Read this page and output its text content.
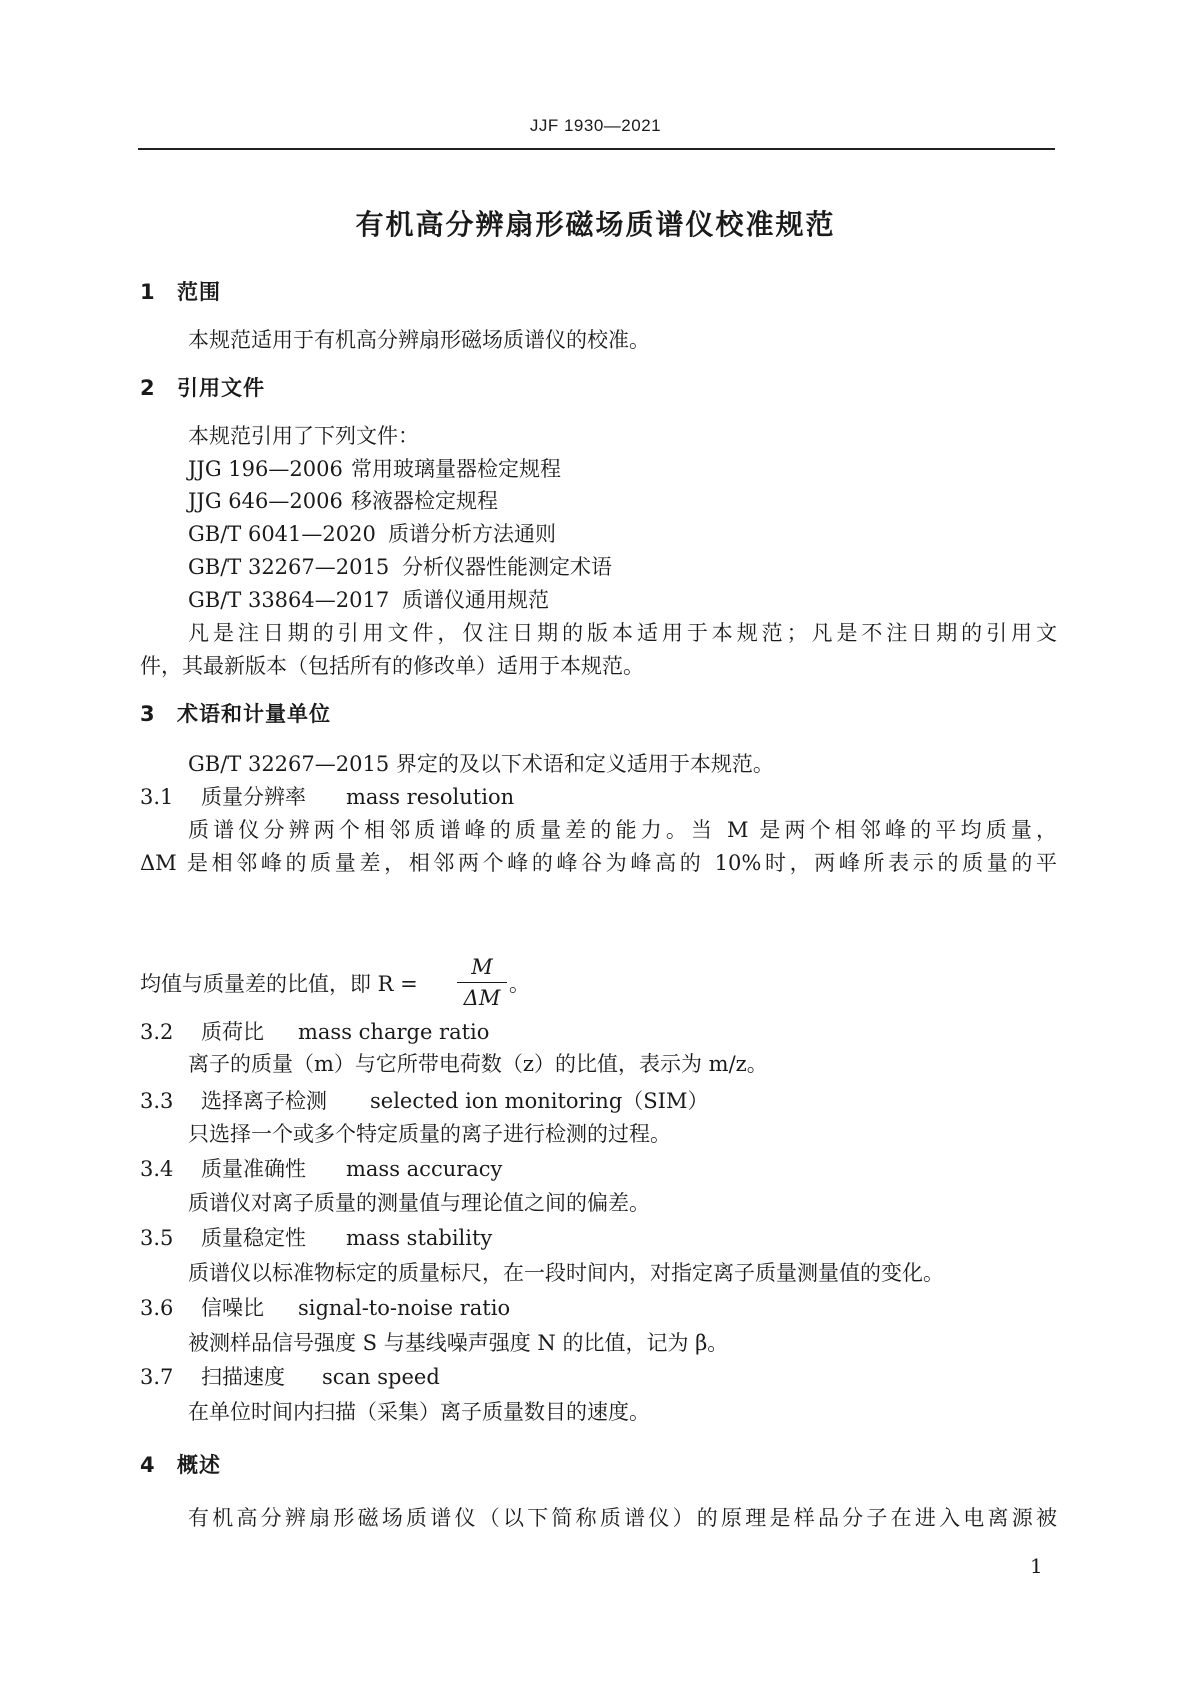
JJF 1930—2021
有机高分辨扇形磁场质谱仪校准规范
1 范围
本规范适用于有机高分辨扇形磁场质谱仪的校准。
2 引用文件
本规范引用了下列文件：
JJG 196—2006 常用玻璃量器检定规程
JJG 646—2006 移液器检定规程
GB/T 6041—2020 质谱分析方法通则
GB/T 32267—2015 分析仪器性能测定术语
GB/T 33864—2017 质谱仪通用规范
凡是注日期的引用文件，仅注日期的版本适用于本规范；凡是不注日期的引用文
件，其最新版本（包括所有的修改单）适用于本规范。
3 术语和计量单位
GB/T 32267—2015 界定的及以下术语和定义适用于本规范。
3.1 质量分辨率 mass resolution
质谱仪分辨两个相邻质谱峰的质量差的能力。当 M 是两个相邻峰的平均质量，
ΔM 是相邻峰的质量差，相邻两个峰的峰谷为峰高的 10%时，两峰所表示的质量的平
均值与质量差的比值，即 R =
M
ΔM
。
3.2 质荷比 mass charge ratio
离子的质量（m）与它所带电荷数（z）的比值，表示为 m/z。
3.3 选择离子检测 selected ion monitoring（SIM）
只选择一个或多个特定质量的离子进行检测的过程。
3.4 质量准确性 mass accuracy
质谱仪对离子质量的测量值与理论值之间的偏差。
3.5 质量稳定性 mass stability
质谱仪以标准物标定的质量标尺，在一段时间内，对指定离子质量测量值的变化。
3.6 信噪比 signal-to-noise ratio
被测样品信号强度 S 与基线噪声强度 N 的比值，记为 β。
3.7 扫描速度 scan speed
在单位时间内扫描（采集）离子质量数目的速度。
4 概述
有机高分辨扇形磁场质谱仪（以下简称质谱仪）的原理是样品分子在进入电离源被
1
